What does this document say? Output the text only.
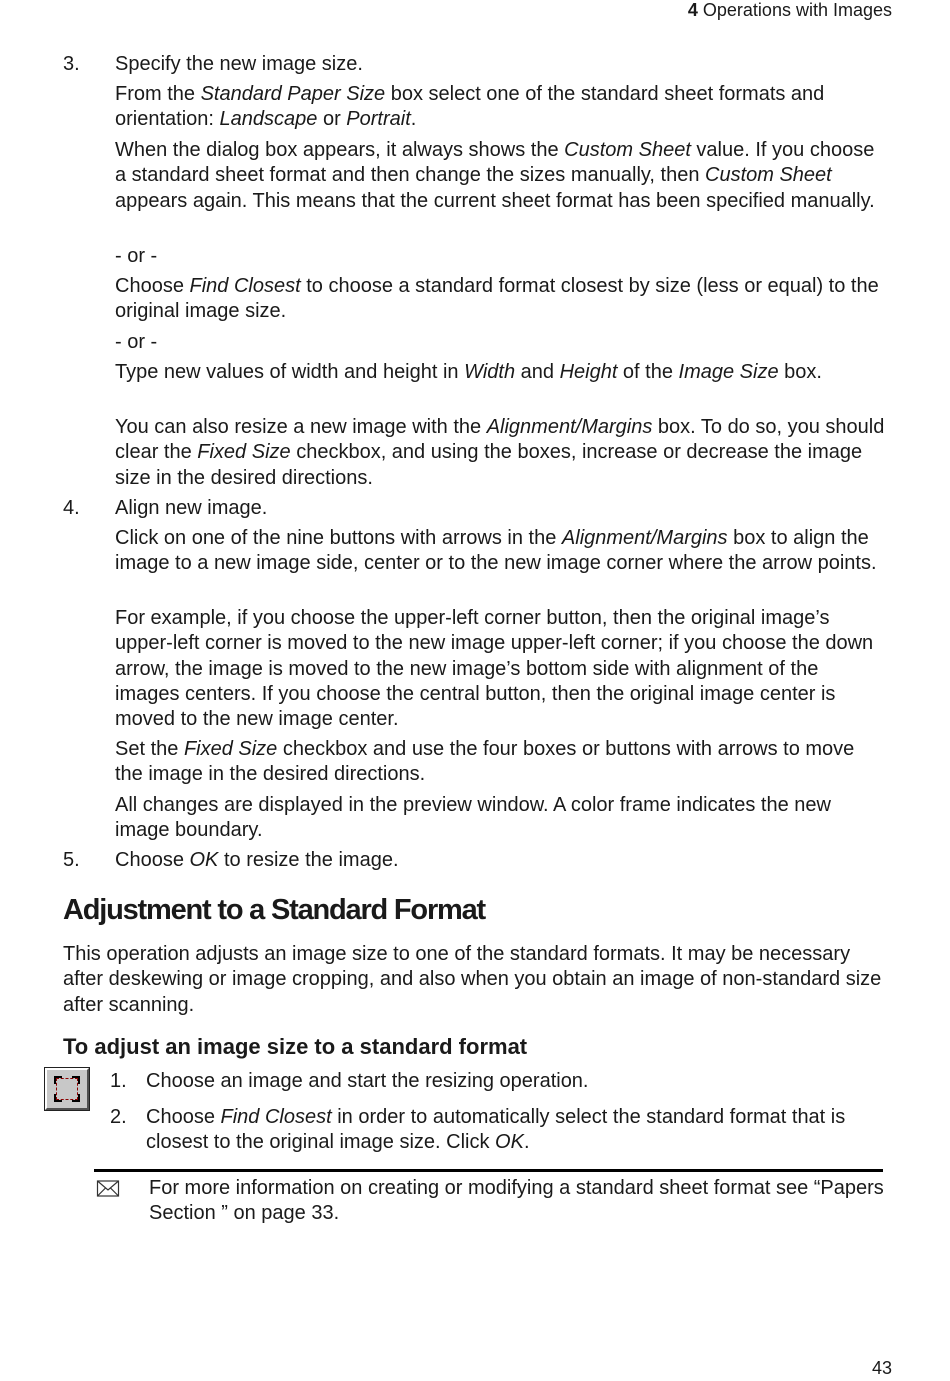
4 Operations with Images
3. Specify the new image size.
From the Standard Paper Size box select one of the standard sheet formats and orientation: Landscape or Portrait.
When the dialog box appears, it always shows the Custom Sheet value. If you choose a standard sheet format and then change the sizes manually, then Custom Sheet appears again. This means that the current sheet format has been specified manually.
- or -
Choose Find Closest to choose a standard format closest by size (less or equal) to the original image size.
- or -
Type new values of width and height in Width and Height of the Image Size box.
You can also resize a new image with the Alignment/Margins box. To do so, you should clear the Fixed Size checkbox, and using the boxes, increase or decrease the image size in the desired directions.
4. Align new image.
Click on one of the nine buttons with arrows in the Alignment/Margins box to align the image to a new image side, center or to the new image corner where the arrow points.
For example, if you choose the upper-left corner button, then the original image’s upper-left corner is moved to the new image upper-left corner; if you choose the down arrow, the image is moved to the new image’s bottom side with alignment of the images centers. If you choose the central button, then the original image center is moved to the new image center.
Set the Fixed Size checkbox and use the four boxes or buttons with arrows to move the image in the desired directions.
All changes are displayed in the preview window. A color frame indicates the new image boundary.
5. Choose OK to resize the image.
Adjustment to a Standard Format
This operation adjusts an image size to one of the standard formats. It may be necessary after deskewing or image cropping, and also when you obtain an image of non-standard size after scanning.
To adjust an image size to a standard format
1. Choose an image and start the resizing operation.
2. Choose Find Closest in order to automatically select the standard format that is closest to the original image size. Click OK.
For more information on creating or modifying a standard sheet format see “Papers Section ” on page 33.
43
